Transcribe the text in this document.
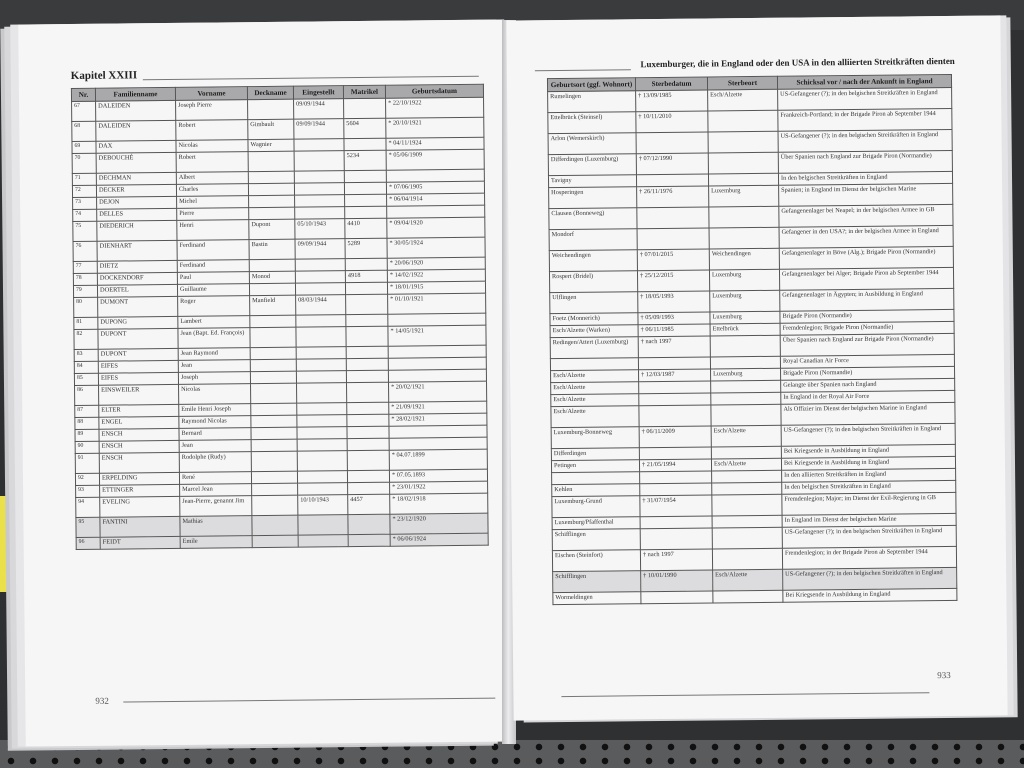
Kapitel XXIII
Nr.	Familienname	Vorname	Deckname	Eingestellt	Matrikel	Geburtsdatum
67	DALEIDEN	Joseph Pierre		09/09/1944		* 22/10/1922
68	DALEIDEN	Robert	Gimbault	09/09/1944	5604	* 20/10/1921
69	DAX	Nicolas	Wagnier			* 04/11/1924
70	DEBOUCHÉ	Robert			5234	* 05/06/1909
71	DECHMAN	Albert				
72	DECKER	Charles				* 07/06/1905
73	DEJON	Michel				* 06/04/1914
74	DELLES	Pierre				
75	DIEDERICH	Henri	Dupont	05/10/1943	4410	* 09/04/1920
76	DIENHART	Ferdinand	Bastin	09/09/1944	5289	* 30/05/1924
77	DIETZ	Ferdinand				* 20/06/1920
78	DOCKENDORF	Paul	Monod		4918	* 14/02/1922
79	DOERTEL	Guillaume				* 18/01/1915
80	DUMONT	Roger	Manfield	08/03/1944		* 01/10/1921
81	DUPONG	Lambert				
82	DUPONT	Jean (Bapt. Ed. François)				* 14/05/1921
83	DUPONT	Jean Raymond				
84	EIFES	Jean				
85	EIFES	Joseph				
86	EINSWEILER	Nicolas				* 20/02/1921
87	ELTER	Emile Henri Joseph				* 21/09/1921
88	ENGEL	Raymond Nicolas				* 28/02/1921
89	ENSCH	Bernard				
90	ENSCH	Jean				
91	ENSCH	Rodolphe (Rudy)				* 04.07.1899
92	ERPELDING	René				* 07.05.1893
93	ETTINGER	Marcel Jean				* 23/01/1922
94	EVELING	Jean-Pierre, genannt Jim		10/10/1943	4457	* 18/02/1918
95	FANTINI	Mathias				* 23/12/1920
96	FEIDT	Emile				* 06/06/1924
932
Luxemburger, die in England oder den USA in den alliierten Streitkräften dienten
Geburtsort (ggf. Wohnort)	Sterbedatum	Sterbeort	Schicksal vor / nach der Ankunft in England
Rumelingen	† 13/09/1985	Esch/Alzette	US-Gefangener (?); in den belgischen Streitkräften in England
Ettelbrück (Steinsel)	† 10/11/2010		Frankreich-Portland; in der Brigade Piron ab September 1944
Arlon (Wemerskirch)			US-Gefangener (?); in den belgischen Streitkräften in England
Differdingen (Luxemburg)	† 07/12/1990		Über Spanien nach England zur Brigade Piron (Normandie)
Tavigny			In den belgischen Streitkräften in England
Hosperingen	† 26/11/1976	Luxemburg	Spanien; in England im Dienst der belgischen Marine
Clausen (Bonneweg)			Gefangenenlager bei Neapel; in der belgischen Armee in GB
Mondorf			Gefangener in den USA?; in der belgischen Armee in England
Weichendingen	† 07/01/2015	Weichendingen	Gefangenenlager in Böve (Alg.); Brigade Piron (Normandie)
Rospert (Bridel)	† 25/12/2015	Luxemburg	Gefangenenlager bei Alger; Brigade Piron ab September 1944
Ulflingen	† 18/05/1993	Luxemburg	Gefangenenlager in Ägypten; in Ausbildung in England
Foetz (Monnerich)	† 05/09/1993	Luxemburg	Brigade Piron (Normandie)
Esch/Alzette (Warken)	† 06/11/1985	Ettelbrück	Fremdenlegion; Brigade Piron (Normandie)
Redingen/Attert (Luxemburg)	† nach 1997		Über Spanien nach England zur Brigade Piron (Normandie)
			Royal Canadian Air Force
Esch/Alzette	† 12/03/1987	Luxemburg	Brigade Piron (Normandie)
Esch/Alzette			Gelangte über Spanien nach England
Esch/Alzette			In England in der Royal Air Force
Esch/Alzette			Als Offizier im Dienst der belgischen Marine in England
Luxemburg-Bonneweg	† 06/11/2009	Esch/Alzette	US-Gefangener (?); in den belgischen Streitkräften in England
Differdingen			Bei Kriegsende in Ausbildung in England
Petingen	† 21/05/1994	Esch/Alzette	Bei Kriegsende in Ausbildung in England
			In den alliierten Streitkräften in England
Kehlen			In den belgischen Streitkräften in England
Luxemburg-Grund	† 31/07/1954		Fremdenlegion; Major; im Dienst der Exil-Regierung in GB
Luxemburg/Pfaffenthal			In England im Dienst der belgischen Marine
Schifflingen			US-Gefangener (?); in den belgischen Streitkräften in England
Eischen (Steinfort)	† nach 1997		Fremdenlegion; in der Brigade Piron ab September 1944
Schifflingen	† 10/01/1990	Esch/Alzette	US-Gefangener (?); in den belgischen Streitkräften in England
Wormeldingen			Bei Kriegsende in Ausbildung in England
933
